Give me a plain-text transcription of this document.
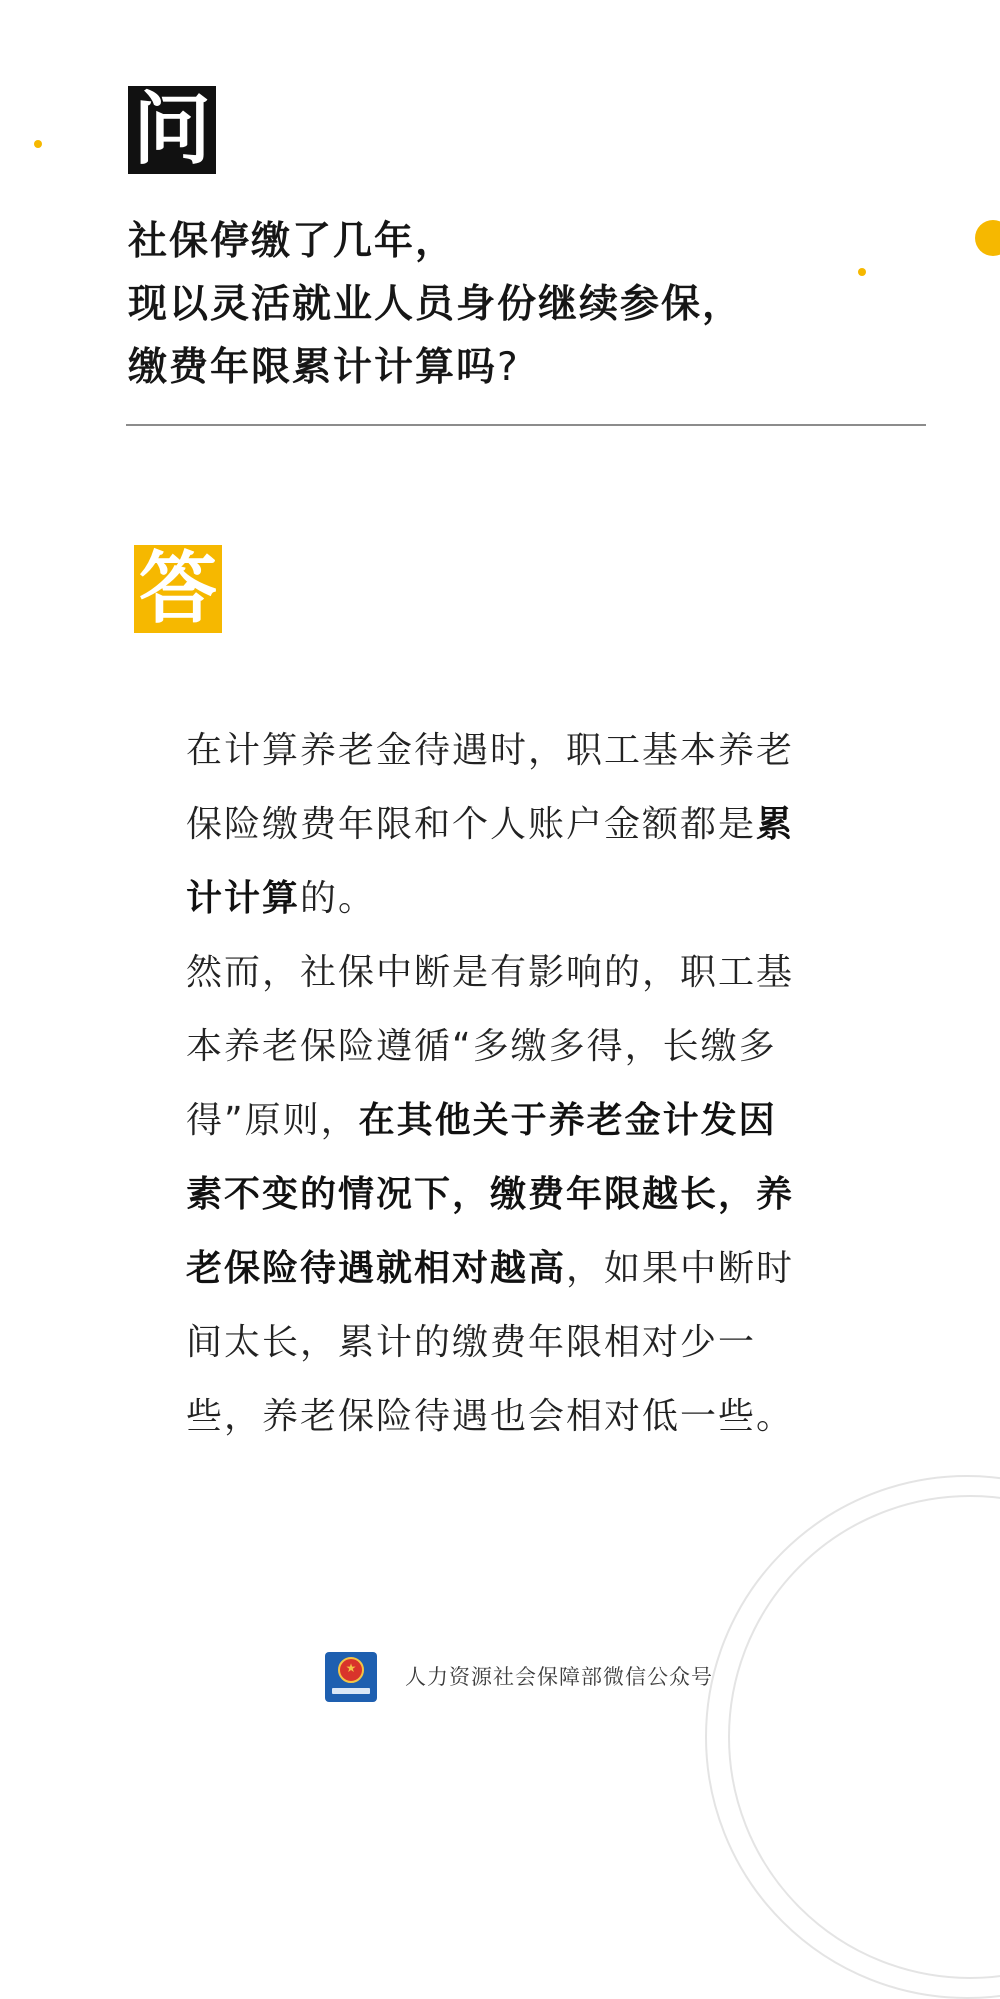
问
社保停缴了几年，
现以灵活就业人员身份继续参保，
缴费年限累计计算吗?
答

在计算养老金待遇时，职工基本养老保险缴费年限和个人账户金额都是累计计算的。

然而，社保中断是有影响的，职工基本养老保险遵循“多缴多得，长缴多得”原则，在其他关于养老金计发因素不变的情况下，缴费年限越长，养老保险待遇就相对越高，如果中断时间太长，累计的缴费年限相对少一些，养老保险待遇也会相对低一些。

★ 人力资源社会保障部微信公众号
